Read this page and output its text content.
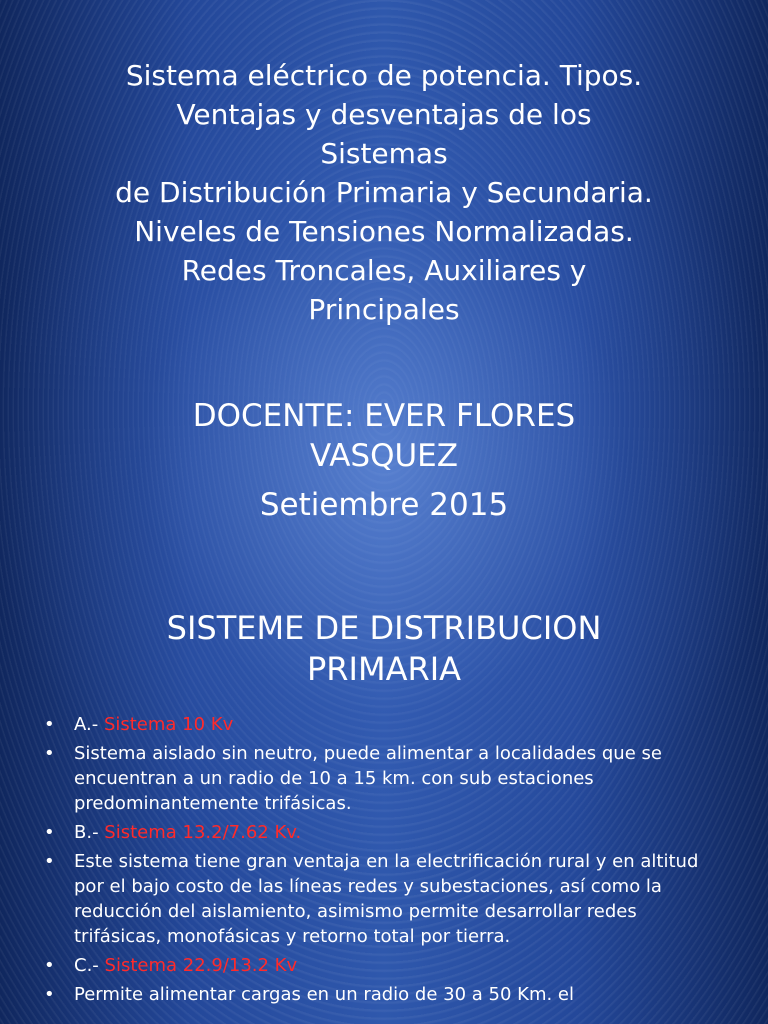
Sistema eléctrico de potencia. Tipos.
Ventajas y desventajas de los
Sistemas
de Distribución Primaria y Secundaria.
Niveles de Tensiones Normalizadas.
Redes Troncales, Auxiliares y
Principales
DOCENTE: EVER FLORES
VASQUEZ
Setiembre 2015
SISTEME DE DISTRIBUCION
PRIMARIA
• A.- Sistema 10 Kv
• Sistema aislado sin neutro, puede alimentar a localidades que se encuentran a un radio de 10 a 15 km. con sub estaciones predominantemente trifásicas.
• B.- Sistema 13.2/7.62 Kv.
• Este sistema tiene gran ventaja en la electrificación rural y en altitud por el bajo costo de las líneas redes y subestaciones, así como la reducción del aislamiento, asimismo permite desarrollar redes trifásicas, monofásicas y retorno total por tierra.
• C.- Sistema 22.9/13.2 Kv
• Permite alimentar cargas en un radio de 30 a 50 Km. el
